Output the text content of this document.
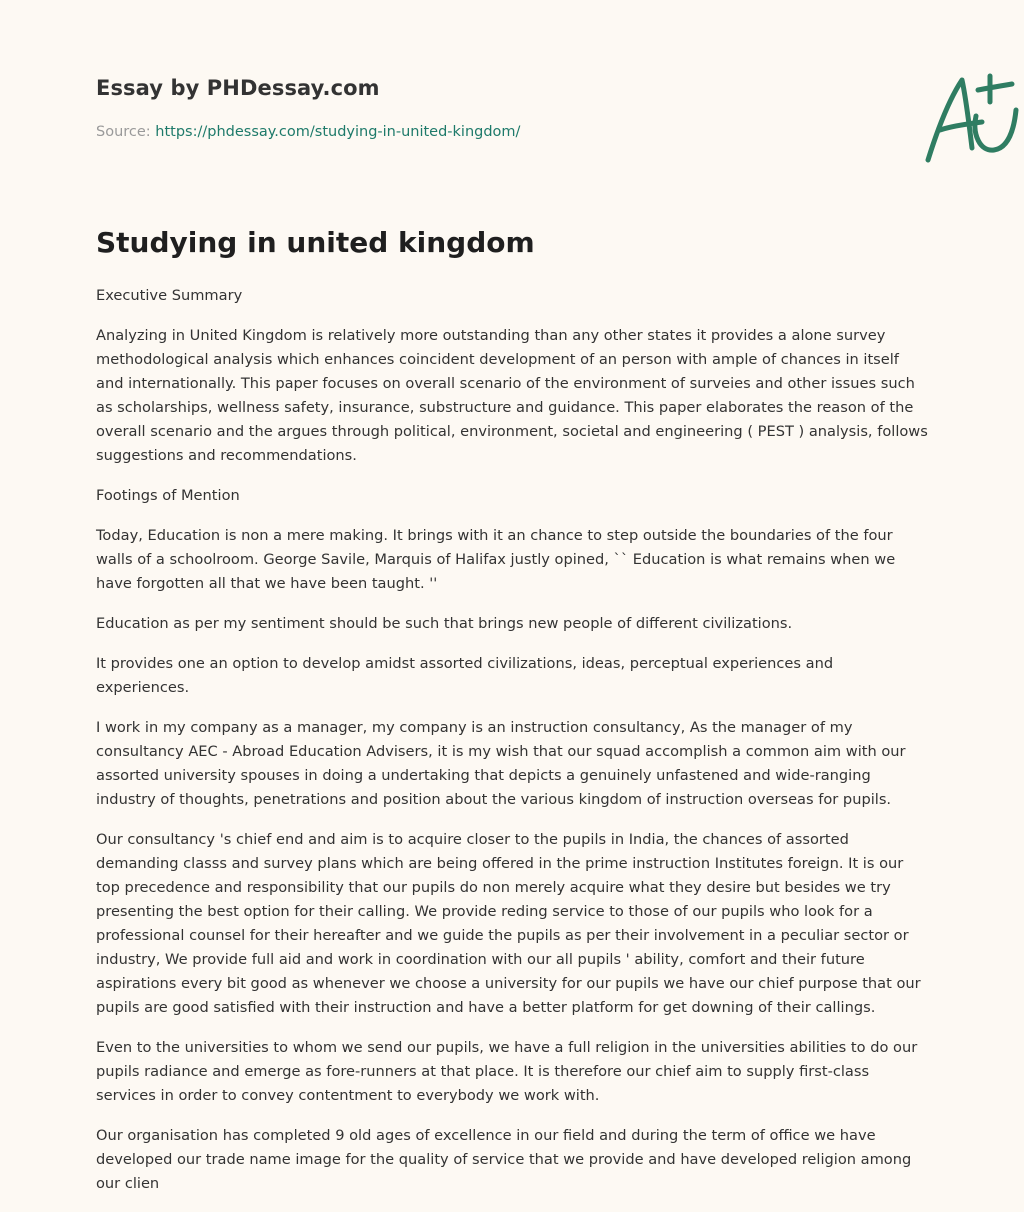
Essay by PHDessay.com

Source: https://phdessay.com/studying-in-united-kingdom/

Studying in united kingdom

Executive Summary

Analyzing in United Kingdom is relatively more outstanding than any other states it provides a alone survey methodological analysis which enhances coincident development of an person with ample of chances in itself and internationally. This paper focuses on overall scenario of the environment of surveies and other issues such as scholarships, wellness safety, insurance, substructure and guidance. This paper elaborates the reason of the overall scenario and the argues through political, environment, societal and engineering ( PEST ) analysis, follows suggestions and recommendations.

Footings of Mention

Today, Education is non a mere making. It brings with it an chance to step outside the boundaries of the four walls of a schoolroom. George Savile, Marquis of Halifax justly opined, `` Education is what remains when we have forgotten all that we have been taught. ''

Education as per my sentiment should be such that brings new people of different civilizations.

It provides one an option to develop amidst assorted civilizations, ideas, perceptual experiences and experiences.

I work in my company as a manager, my company is an instruction consultancy, As the manager of my consultancy AEC - Abroad Education Advisers, it is my wish that our squad accomplish a common aim with our assorted university spouses in doing a undertaking that depicts a genuinely unfastened and wide-ranging industry of thoughts, penetrations and position about the various kingdom of instruction overseas for pupils.

Our consultancy 's chief end and aim is to acquire closer to the pupils in India, the chances of assorted demanding classs and survey plans which are being offered in the prime instruction Institutes foreign. It is our top precedence and responsibility that our pupils do non merely acquire what they desire but besides we try presenting the best option for their calling. We provide reding service to those of our pupils who look for a professional counsel for their hereafter and we guide the pupils as per their involvement in a peculiar sector or industry, We provide full aid and work in coordination with our all pupils ' ability, comfort and their future aspirations every bit good as whenever we choose a university for our pupils we have our chief purpose that our pupils are good satisfied with their instruction and have a better platform for get downing of their callings.

Even to the universities to whom we send our pupils, we have a full religion in the universities abilities to do our pupils radiance and emerge as fore-runners at that place. It is therefore our chief aim to supply first-class services in order to convey contentment to everybody we work with.

Our organisation has completed 9 old ages of excellence in our field and during the term of office we have developed our trade name image for the quality of service that we provide and have developed religion among our clien
